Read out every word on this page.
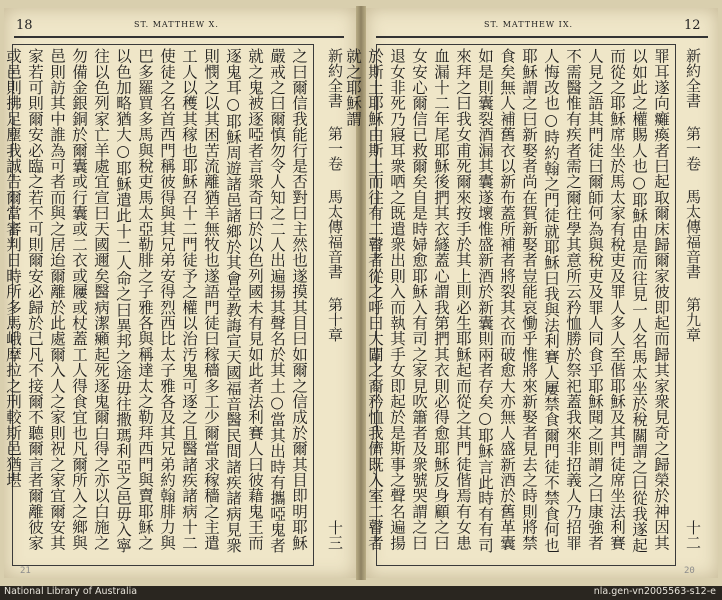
18	ST. MATTHEW X.
之曰爾信我能行是否對曰主然也遂摸其目曰如爾之信成於爾其目即明耶穌嚴戒之曰爾慎勿令人知之二人出遍揚其聲名於其土○當其出時有攜啞鬼者就之鬼被逐啞者言衆奇曰於以色列國未有見如此者法利賽人曰彼藉鬼王而逐鬼耳○耶穌周遊諸邑諸鄉於其會堂教誨宣天國福音醫民間諸疾諸病見衆則憫之以其困苦流離猶羊無牧也遂語門徒曰稼穡多工少爾當求稼穡之主遣工人以穫其稼也耶穌召十二門徒予之權以治汚鬼可逐之且醫諸疾諸病十二使徒之名首西門稱彼得與其兄弟安得烈西比太子雅各及其兄弟約翰腓力與巴多羅買多馬與稅吏馬太亞勒腓之子雅各與稱達太之勒拜西門與賣耶穌之以色加略猶大○耶穌遣此十二人命之曰異邦之途毋往撒瑪利亞之邑毋入寧往以色列家亡羊處宜宣曰天國邇矣醫病潔癩起死逐鬼爾白得之亦以白施之勿備金銀銅於爾囊或行囊或二衣或屨或杖蓋工人得食宜也凡爾所入之鄉與邑則訪其中誰為可者而與之居迨爾離於此處爾入人之家則祝之家宜爾安其家若可則爾安必臨之若不可則爾安必歸於己凡不接爾不聽爾言者爾離彼家或邑則拂足塵我誠告爾當審判日時所多馬峨摩拉之刑較斯邑猶堪	新約全書 第一卷 馬太傳福音書 第十章
十三
21
ST. MATTHEW IX.	12
新約全書 第一卷 馬太傳福音書 第九章
十二
罪耳遂向癱瘓者曰起取爾床歸爾家彼即起而歸其家衆見奇之歸榮於神因其以如此之權賜人也○耶穌由是而往見一人名馬太坐於稅關謂之曰從我遂起而從之耶穌席坐於馬太家有稅吏及罪人多人至偕耶穌及其門徒席坐法利賽人見之語其門徒曰爾師何為與稅吏及罪人同食乎耶穌聞之則謂之曰康強者不需醫惟有疾者需之爾往學其意所云矜恤勝於祭祀蓋我來非招義人乃招罪人悔改也○時約翰之門徒就耶穌曰我與法利賽人屢禁食爾門徒不禁食何也耶穌謂之曰新娶者尚在賀新娶者豈能哀慟乎惟將來新娶者見去之時則將禁食矣無人補舊衣以新布蓋所補者將裂其衣而破愈大亦無人盛新酒於舊革囊如是則囊裂酒漏其囊遂壞惟盛新酒於新囊則兩者存矣○耶穌言此時有有司來拜之曰我女甫死爾來按手於其上則必生耶穌起而從之其門徒偕焉有女患血漏十二年尾耶穌後捫其衣繸蓋心謂我第捫其衣則必得愈耶穌反身顧之曰女安心爾信已救爾矣自是時婦愈耶穌入有司之家見吹簫者及衆號哭謂之曰退女非死乃寢耳衆哂之既遣衆出則入而執其手女即起於是斯事之聲名遍揚於斯土耶穌由斯土而往有二瞽者從之呼曰大闢之裔矜恤我儕既入室二瞽者就之耶穌謂
20
National Library of Australia	nla.gen-vn2005563-s12-e
